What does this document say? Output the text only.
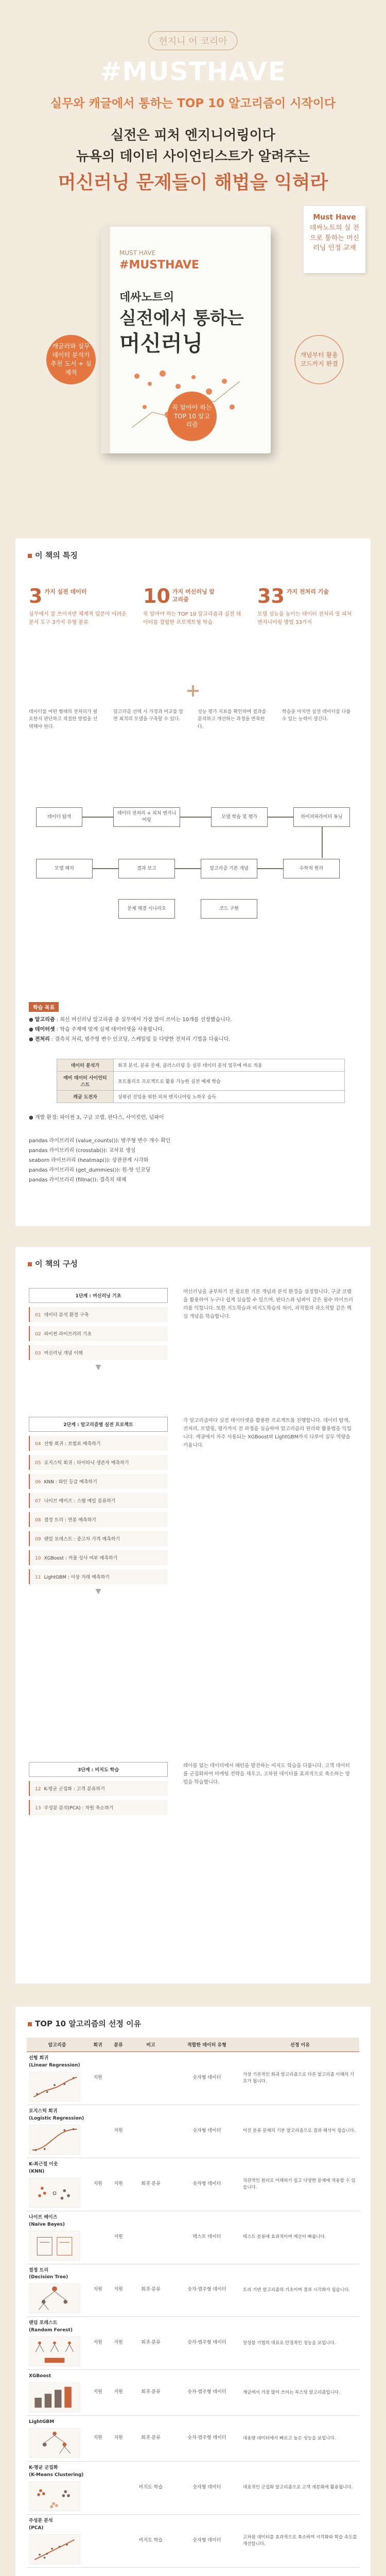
현지니 어 코리아
#MUSTHAVE
실무와 캐글에서 통하는 TOP 10 알고리즘이 시작이다
실전은 피처 엔지니어링이다
뉴욕의 데이터 사이언티스트가 알려주는
머신러닝 문제들이 해법을 익혀라
Must Have
데싸노트의 실 전으로 통하는 머신러닝 인정 교재
MUST HAVE
#MUSTHAVE
데싸노트의
실전에서 통하는
머신러닝
캐글러와 실무 데이터 분석가 추천 도서 + 실제적
꼭 알아야 하는 TOP 10 알고리즘
개념부터 활용 코드까지 완결
이 책의 특징
3 가지 실전 데이터
실무에서 잘 쓰이지만 체계적 입문이 어려운 분석 도구 3가지 유형 분류
10 가지 머신러닝 알고리즘
꼭 알아야 하는 TOP 10 알고리즘과 실전 데이터를 결합한 프로젝트형 학습
33 가지 전처리 기술
모델 성능을 높이는 데이터 전처리 및 피처 엔지니어링 방법 33가지
데이터를 어떤 형태의 전처리가 필요한지 판단하고 적절한 방법을 선택해야 한다.
알고리즘 선택 시 가정과 비교를 알면 최적의 모델을 구축할 수 있다.
성능 평가 지표를 확인하며 결과를 분석하고 개선하는 과정을 반복한다.
학습을 마치면 실전 데이터를 다룰 수 있는 능력이 생긴다.
데이터 탐색
데이터 전처리 + 피처 엔지니어링
모델 학습 및 평가	하이퍼파라미터 튜닝
모델 해석	결과 보고	알고리즘 기본 개념	수학적 원리
문제 해결 시나리오	코드 구현
학습 목표
● 알고리즘 : 최신 머신러닝 알고리즘 중 실무에서 가장 많이 쓰이는 10개를 선정했습니다.
● 데이터셋 : 학습 주제에 맞게 실제 데이터셋을 사용합니다.
● 전처리 : 결측치 처리, 범주형 변수 인코딩, 스케일링 등 다양한 전처리 기법을 다룹니다.
데이터 분석가	회귀 분석, 분류 문제, 클러스터링 등 실무 데이터 분석 업무에 바로 적용
예비 데이터 사이언티스트	포트폴리오 프로젝트로 활용 가능한 실전 예제 학습
캐글 도전자	상위권 진입을 위한 피처 엔지니어링 노하우 습득
● 개발 환경: 파이썬 3, 구글 코랩, 판다스, 사이킷런, 넘파이
pandas 라이브러리 (value_counts()): 범주형 변수 개수 확인
pandas 라이브러리 (crosstab()): 교차표 생성
seaborn 라이브러리 (heatmap()): 상관관계 시각화
pandas 라이브러리 (get_dummies()): 원-핫 인코딩
pandas 라이브러리 (fillna()): 결측치 대체
이 책의 구성
1단계 : 머신러닝 기초
01 데이터 분석 환경 구축
02 파이썬 라이브러리 기초
03 머신러닝 개념 이해
머신러닝을 공부하기 전 필요한 기본 개념과 분석 환경을 설정합니다. 구글 코랩을 활용하여 누구나 쉽게 실습할 수 있으며, 판다스와 넘파이 같은 필수 라이브러리를 익힙니다. 또한 지도학습과 비지도학습의 차이, 과적합과 과소적합 같은 핵심 개념을 학습합니다.
▼
2단계 : 알고리즘별 실전 프로젝트
04 선형 회귀 : 보험료 예측하기
05 로지스틱 회귀 : 타이타닉 생존자 예측하기
06 KNN : 와인 등급 예측하기
07 나이브 베이즈 : 스팸 메일 분류하기
08 결정 트리 : 연봉 예측하기
09 랜덤 포레스트 : 중고차 가격 예측하기
10 XGBoost : 커플 성사 여부 예측하기
11 LightGBM : 이상 거래 예측하기
각 알고리즘마다 실전 데이터셋을 활용한 프로젝트를 진행합니다. 데이터 탐색, 전처리, 모델링, 평가까지 전 과정을 실습하며 알고리즘의 원리와 활용법을 익힙니다. 캐글에서 자주 사용되는 XGBoost와 LightGBM까지 다루어 실무 역량을 키웁니다.
▼
3단계 : 비지도 학습
12 K-평균 군집화 : 고객 분류하기
13 주성분 분석(PCA) : 차원 축소하기
레이블 없는 데이터에서 패턴을 발견하는 비지도 학습을 다룹니다. 고객 데이터를 군집화하여 마케팅 전략을 세우고, 고차원 데이터를 효과적으로 축소하는 방법을 학습합니다.
TOP 10 알고리즘의 선정 이유
알고리즘	회귀	분류	비고	적합한 데이터 유형	선정 이유

선형 회귀
(Linear Regression)	지원			숫자형 데이터	가장 기본적인 회귀 알고리즘으로 다른 알고리즘 이해의 기초가 됩니다.

로지스틱 회귀
(Logistic Regression)		지원		숫자형 데이터	이진 분류 문제의 기본 알고리즘으로 결과 해석이 쉽습니다.

K-최근접 이웃
(KNN)	지원	지원	회귀·분류	숫자형 데이터	직관적인 원리로 이해하기 쉽고 다양한 문제에 적용할 수 있습니다.

나이브 베이즈
(Naive Bayes)		지원		텍스트 데이터	텍스트 분류에 효과적이며 계산이 빠릅니다.

결정 트리
(Decision Tree)	지원	지원	회귀·분류	숫자·범주형 데이터	트리 기반 알고리즘의 기초이며 결과 시각화가 쉽습니다.

랜덤 포레스트
(Random Forest)	지원	지원	회귀·분류	숫자·범주형 데이터	앙상블 기법의 대표로 안정적인 성능을 보입니다.

XGBoost	지원	지원	회귀·분류	숫자·범주형 데이터	캐글에서 가장 많이 쓰이는 부스팅 알고리즘입니다.

LightGBM	지원	지원	회귀·분류	숫자·범주형 데이터	대용량 데이터에서 빠르고 높은 성능을 보입니다.

K-평균 군집화
(K-Means Clustering)			비지도 학습	숫자형 데이터	대표적인 군집화 알고리즘으로 고객 세분화에 활용됩니다.

주성분 분석
(PCA)			비지도 학습	숫자형 데이터	고차원 데이터를 효과적으로 축소하여 시각화와 학습 속도를 개선합니다.
